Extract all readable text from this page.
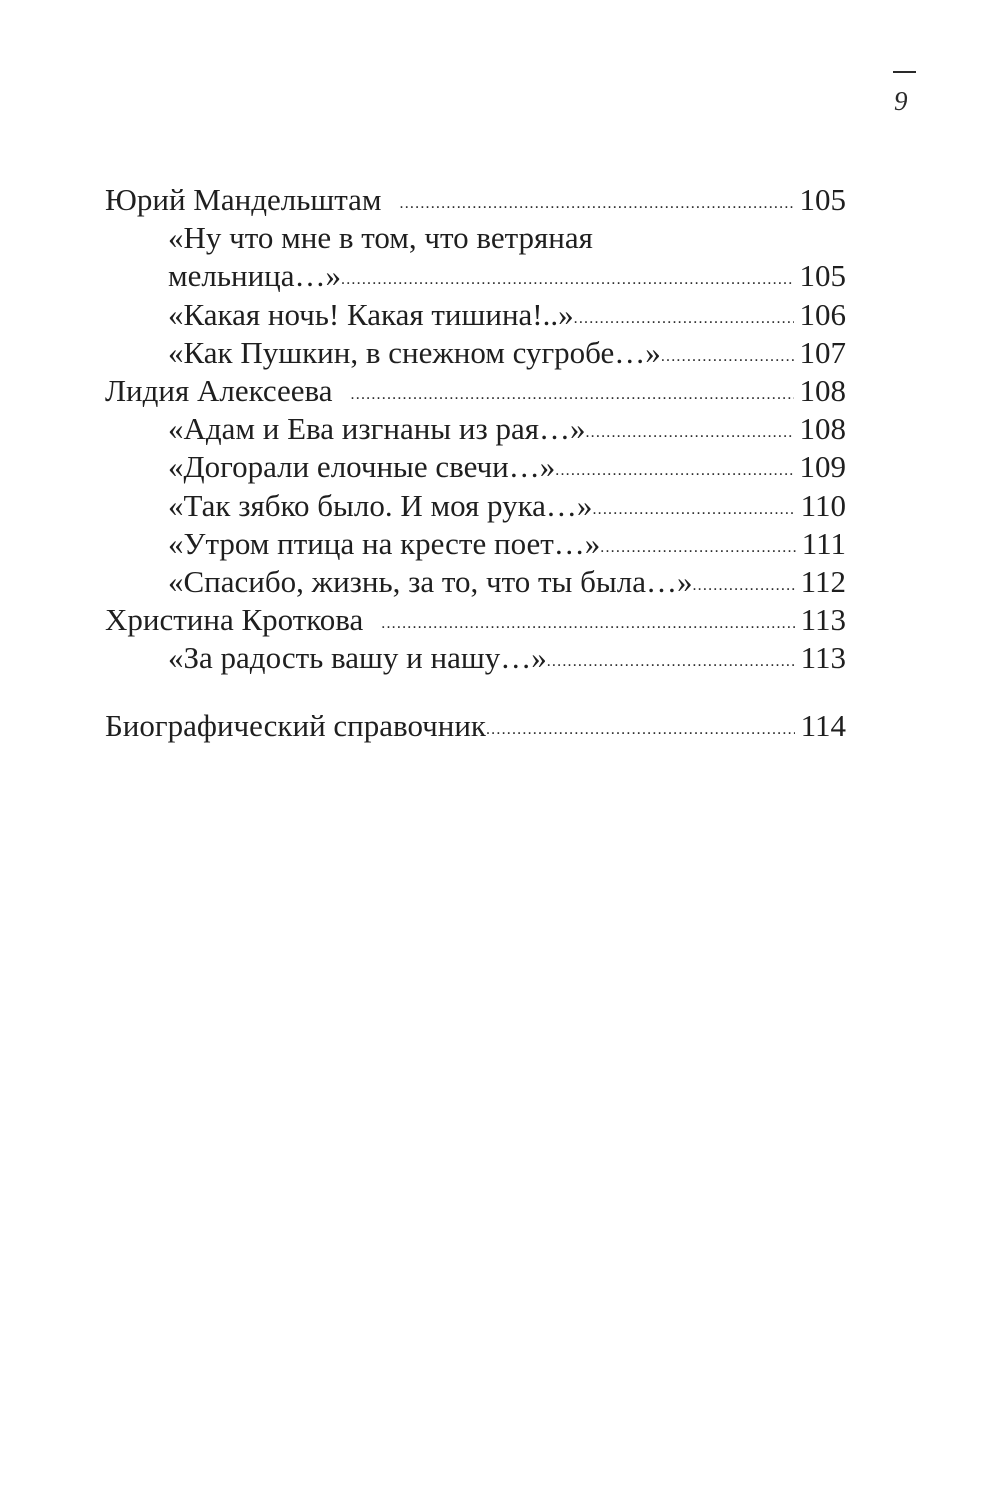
9
Юрий Мандельштам . . .	105
«Ну что мне в том, что ветряная
мельница…» . . .	105
«Какая ночь! Какая тишина!..» . . .	106
«Как Пушкин, в снежном сугробе…» . . .	107
Лидия Алексеева . . .	108
«Адам и Ева изгнаны из рая…» . . .	108
«Догорали елочные свечи…» . . .	109
«Так зябко было. И моя рука…» . . .	110
«Утром птица на кресте поет…» . . .	111
«Спасибо, жизнь, за то, что ты была…» . . .	112
Христина Кроткова . . .	113
«За радость вашу и нашу…» . . .	113
Биографический справочник . . .	114
